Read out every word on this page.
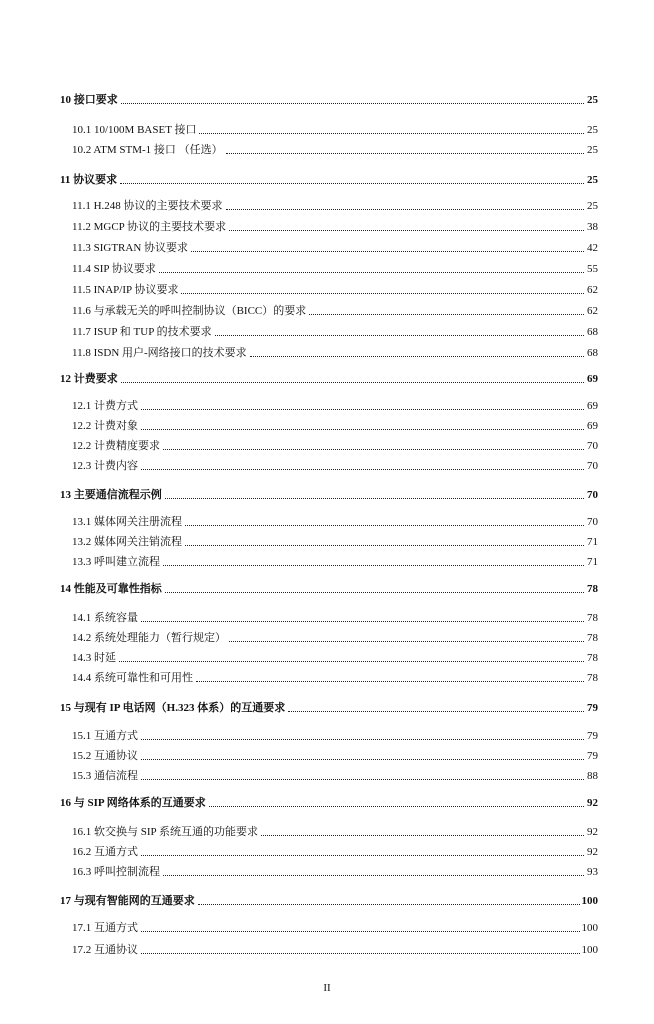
10 接口要求	25
10.1 10/100M BASET 接口	25
10.2 ATM STM-1 接口 （任选）	25
11 协议要求	25
11.1 H.248 协议的主要技术要求	25
11.2 MGCP 协议的主要技术要求	38
11.3 SIGTRAN 协议要求	42
11.4 SIP 协议要求	55
11.5 INAP/IP 协议要求	62
11.6 与承载无关的呼叫控制协议（BICC）的要求	62
11.7 ISUP 和 TUP 的技术要求	68
11.8 ISDN 用户-网络接口的技术要求	68
12 计费要求	69
12.1 计费方式	69
12.2 计费对象	69
12.2 计费精度要求	70
12.3 计费内容	70
13 主要通信流程示例	70
13.1 媒体网关注册流程	70
13.2 媒体网关注销流程	71
13.3 呼叫建立流程	71
14 性能及可靠性指标	78
14.1 系统容量	78
14.2 系统处理能力（暂行规定）	78
14.3 时延	78
14.4 系统可靠性和可用性	78
15 与现有 IP 电话网（H.323 体系）的互通要求	79
15.1 互通方式	79
15.2 互通协议	79
15.3 通信流程	88
16 与 SIP 网络体系的互通要求	92
16.1 软交换与 SIP 系统互通的功能要求	92
16.2 互通方式	92
16.3 呼叫控制流程	93
17 与现有智能网的互通要求	100
17.1 互通方式	100
17.2 互通协议	100
II
